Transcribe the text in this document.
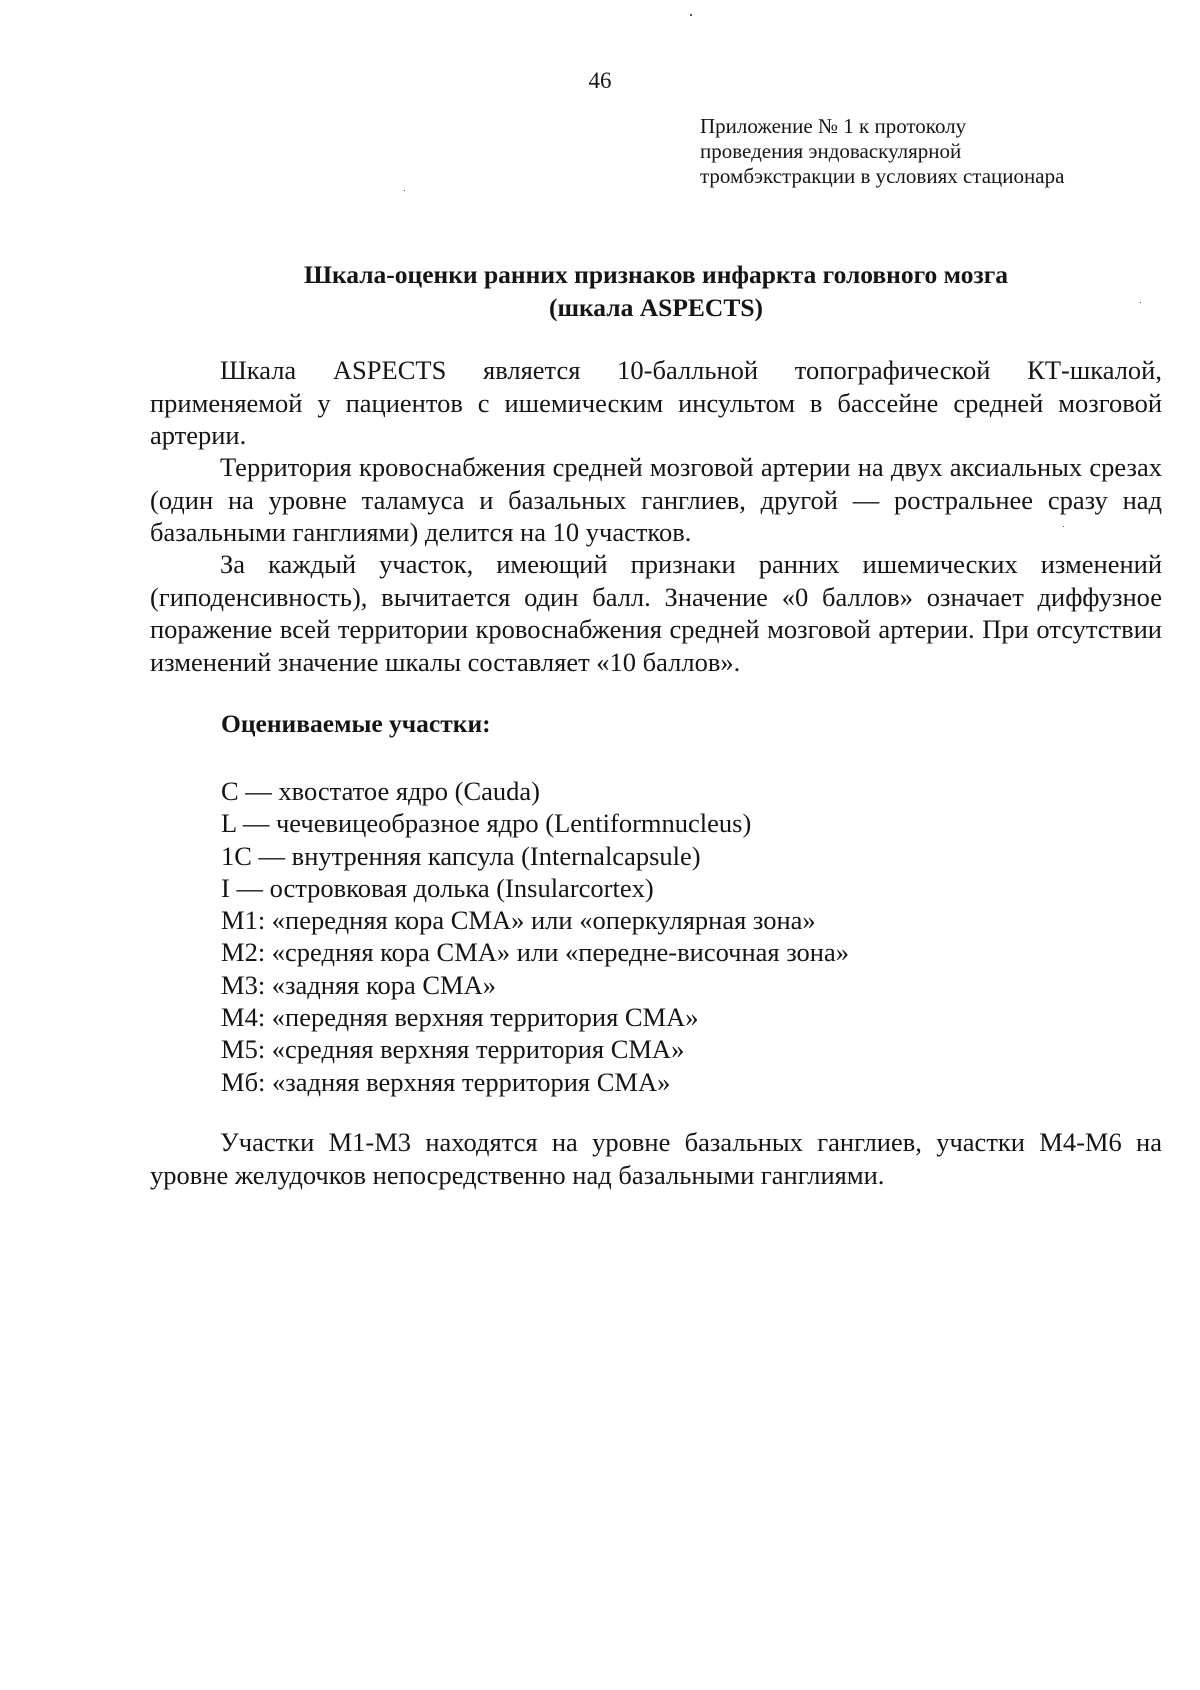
46
Приложение № 1 к протоколу
проведения эндоваскулярной
тромбэкстракции в условиях стационара
Шкала-оценки ранних признаков инфаркта головного мозга
(шкала ASPECTS)

Шкала ASPECTS является 10-балльной топографической КТ-шкалой, применяемой у пациентов с ишемическим инсультом в бассейне средней мозговой артерии.

Территория кровоснабжения средней мозговой артерии на двух аксиальных срезах (один на уровне таламуса и базальных ганглиев, другой — ростральнее сразу над базальными ганглиями) делится на 10 участков.

За каждый участок, имеющий признаки ранних ишемических изменений (гиподенсивность), вычитается один балл. Значение «0 баллов» означает диффузное поражение всей территории кровоснабжения средней мозговой артерии. При отсутствии изменений значение шкалы составляет «10 баллов».

Оцениваемые участки:
С — хвостатое ядро (Cauda)
L — чечевицеобразное ядро (Lentiformnucleus)
1C — внутренняя капсула (Internalcapsule)
I — островковая долька (Insularcortex)
M1: «передняя кора СМА» или «оперкулярная зона»
M2: «средняя кора СМА» или «передне-височная зона»
М3: «задняя кора СМА»
М4: «передняя верхняя территория СМА»
М5: «средняя верхняя территория СМА»
Мб: «задняя верхняя территория СМА»

Участки М1-М3 находятся на уровне базальных ганглиев, участки М4-М6 на уровне желудочков непосредственно над базальными ганглиями.
